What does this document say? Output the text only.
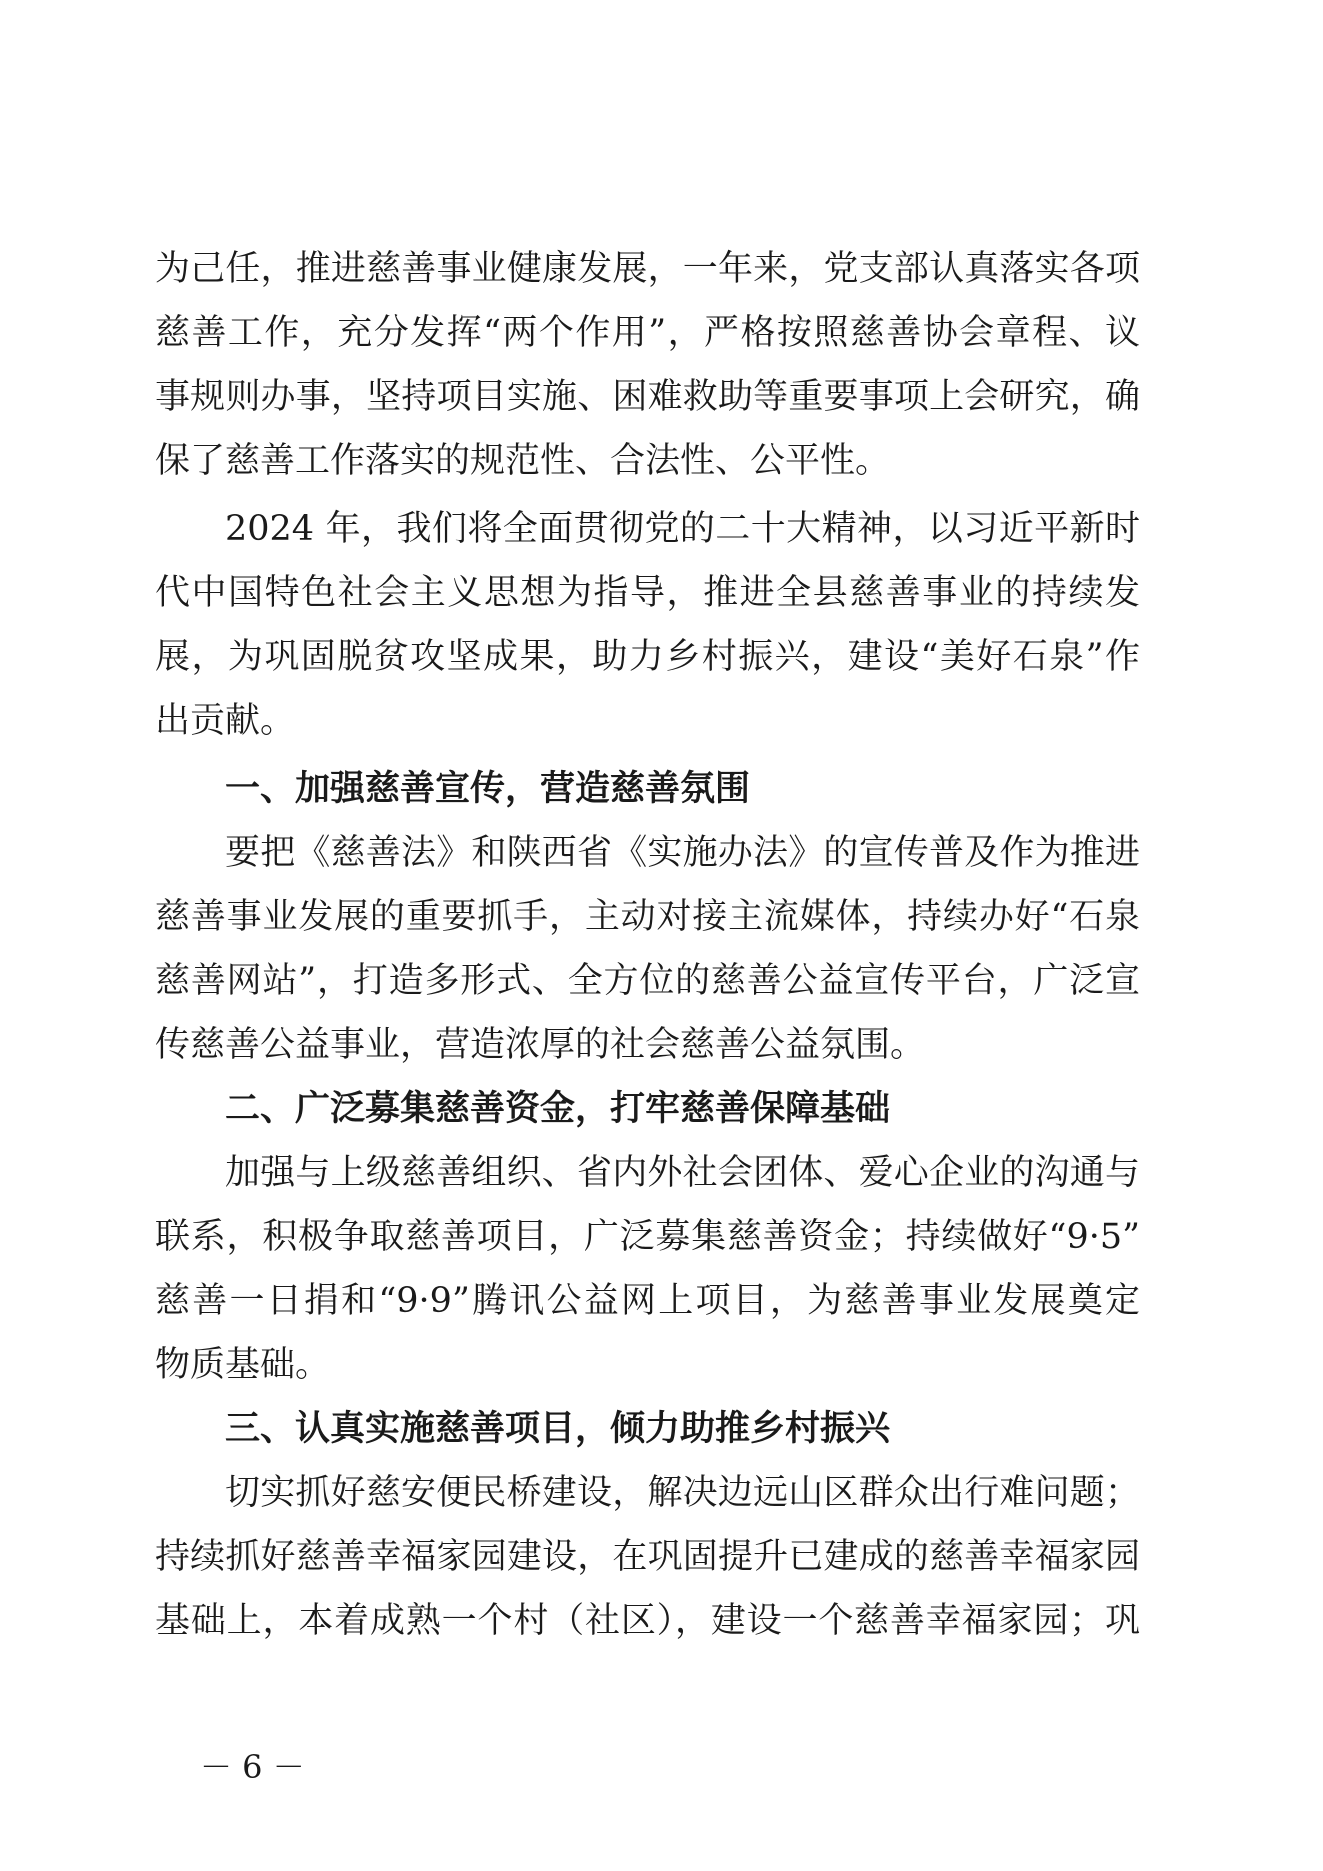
为己任，推进慈善事业健康发展，一年来，党支部认真落实各项
慈善工作，充分发挥“两个作用”，严格按照慈善协会章程、议
事规则办事，坚持项目实施、困难救助等重要事项上会研究，确
保了慈善工作落实的规范性、合法性、公平性。
2024 年，我们将全面贯彻党的二十大精神，以习近平新时
代中国特色社会主义思想为指导，推进全县慈善事业的持续发
展，为巩固脱贫攻坚成果，助力乡村振兴，建设“美好石泉”作
出贡献。
一、加强慈善宣传，营造慈善氛围
要把《慈善法》和陕西省《实施办法》的宣传普及作为推进
慈善事业发展的重要抓手，主动对接主流媒体，持续办好“石泉
慈善网站”，打造多形式、全方位的慈善公益宣传平台，广泛宣
传慈善公益事业，营造浓厚的社会慈善公益氛围。
二、广泛募集慈善资金，打牢慈善保障基础
加强与上级慈善组织、省内外社会团体、爱心企业的沟通与
联系，积极争取慈善项目，广泛募集慈善资金；持续做好“9·5”
慈善一日捐和“9·9”腾讯公益网上项目，为慈善事业发展奠定
物质基础。
三、认真实施慈善项目，倾力助推乡村振兴
切实抓好慈安便民桥建设，解决边远山区群众出行难问题；
持续抓好慈善幸福家园建设，在巩固提升已建成的慈善幸福家园
基础上，本着成熟一个村（社区），建设一个慈善幸福家园；巩
－ 6 －
